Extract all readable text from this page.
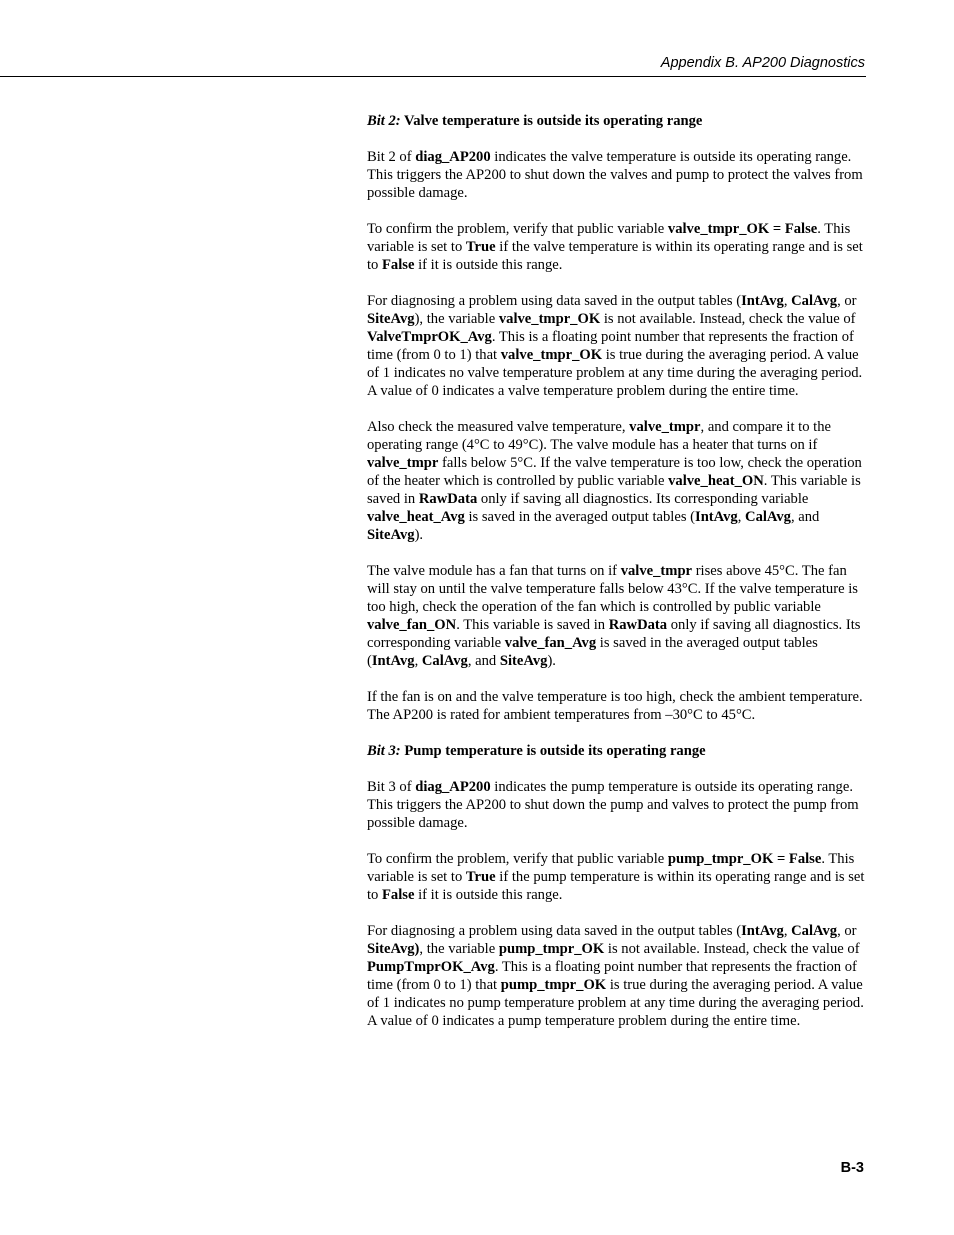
Appendix B. AP200 Diagnostics

Bit 2: Valve temperature is outside its operating range

Bit 2 of diag_AP200 indicates the valve temperature is outside its operating range. This triggers the AP200 to shut down the valves and pump to protect the valves from possible damage.

To confirm the problem, verify that public variable valve_tmpr_OK = False. This variable is set to True if the valve temperature is within its operating range and is set to False if it is outside this range.

For diagnosing a problem using data saved in the output tables (IntAvg, CalAvg, or SiteAvg), the variable valve_tmpr_OK is not available. Instead, check the value of ValveTmprOK_Avg. This is a floating point number that represents the fraction of time (from 0 to 1) that valve_tmpr_OK is true during the averaging period. A value of 1 indicates no valve temperature problem at any time during the averaging period. A value of 0 indicates a valve temperature problem during the entire time.

Also check the measured valve temperature, valve_tmpr, and compare it to the operating range (4°C to 49°C). The valve module has a heater that turns on if valve_tmpr falls below 5°C. If the valve temperature is too low, check the operation of the heater which is controlled by public variable valve_heat_ON. This variable is saved in RawData only if saving all diagnostics. Its corresponding variable valve_heat_Avg is saved in the averaged output tables (IntAvg, CalAvg, and SiteAvg).

The valve module has a fan that turns on if valve_tmpr rises above 45°C. The fan will stay on until the valve temperature falls below 43°C. If the valve temperature is too high, check the operation of the fan which is controlled by public variable valve_fan_ON. This variable is saved in RawData only if saving all diagnostics. Its corresponding variable valve_fan_Avg is saved in the averaged output tables (IntAvg, CalAvg, and SiteAvg).

If the fan is on and the valve temperature is too high, check the ambient temperature. The AP200 is rated for ambient temperatures from –30°C to 45°C.

Bit 3: Pump temperature is outside its operating range

Bit 3 of diag_AP200 indicates the pump temperature is outside its operating range. This triggers the AP200 to shut down the pump and valves to protect the pump from possible damage.

To confirm the problem, verify that public variable pump_tmpr_OK = False. This variable is set to True if the pump temperature is within its operating range and is set to False if it is outside this range.

For diagnosing a problem using data saved in the output tables (IntAvg, CalAvg, or SiteAvg), the variable pump_tmpr_OK is not available. Instead, check the value of PumpTmprOK_Avg. This is a floating point number that represents the fraction of time (from 0 to 1) that pump_tmpr_OK is true during the averaging period. A value of 1 indicates no pump temperature problem at any time during the averaging period. A value of 0 indicates a pump temperature problem during the entire time.

B-3
